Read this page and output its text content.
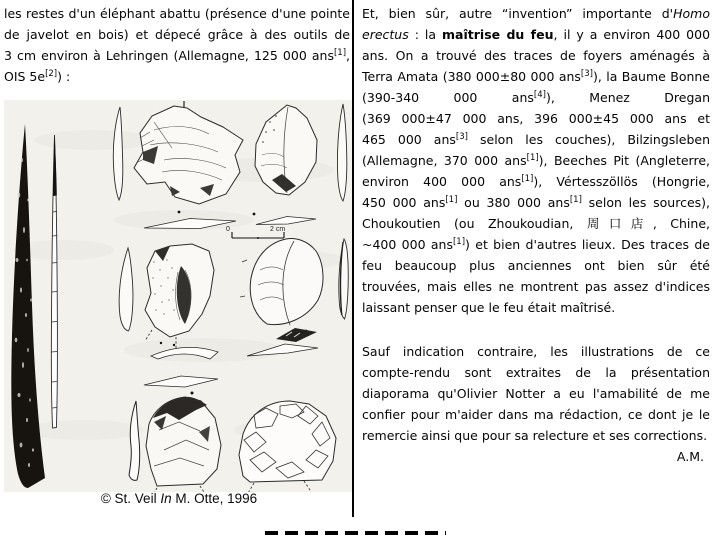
les restes d'un éléphant abattu (présence d'une pointe de javelot en bois) et dépecé grâce à des outils de 3 cm environ à Lehringen (Allemagne, 125 000 ans[1], OIS 5e[2]) :

0	2 cm
© St. Veil In M. Otte, 1996

Et, bien sûr, autre “invention” importante d'Homo erectus : la maîtrise du feu, il y a environ 400 000 ans. On a trouvé des traces de foyers aménagés à Terra Amata (380 000±80 000 ans[3]), la Baume Bonne (390-340 000 ans[4]), Menez Dregan (369 000±47 000 ans, 396 000±45 000 ans et 465 000 ans[3] selon les couches), Bilzingsleben (Allemagne, 370 000 ans[1]), Beeches Pit (Angleterre, environ 400 000 ans[1]), Vértesszöllös (Hongrie, 450 000 ans[1] ou 380 000 ans[1] selon les sources), Choukoutien (ou Zhoukoudian, 周口店, Chine, ~400 000 ans[1]) et bien d'autres lieux. Des traces de feu beaucoup plus anciennes ont bien sûr été trouvées, mais elles ne montrent pas assez d'indices laissant penser que le feu était maîtrisé.

Sauf indication contraire, les illustrations de ce compte-rendu sont extraites de la présentation diaporama qu'Olivier Notter a eu l'amabilité de me confier pour m'aider dans ma rédaction, ce dont je le remercie ainsi que pour sa relecture et ses corrections.

A.M.
